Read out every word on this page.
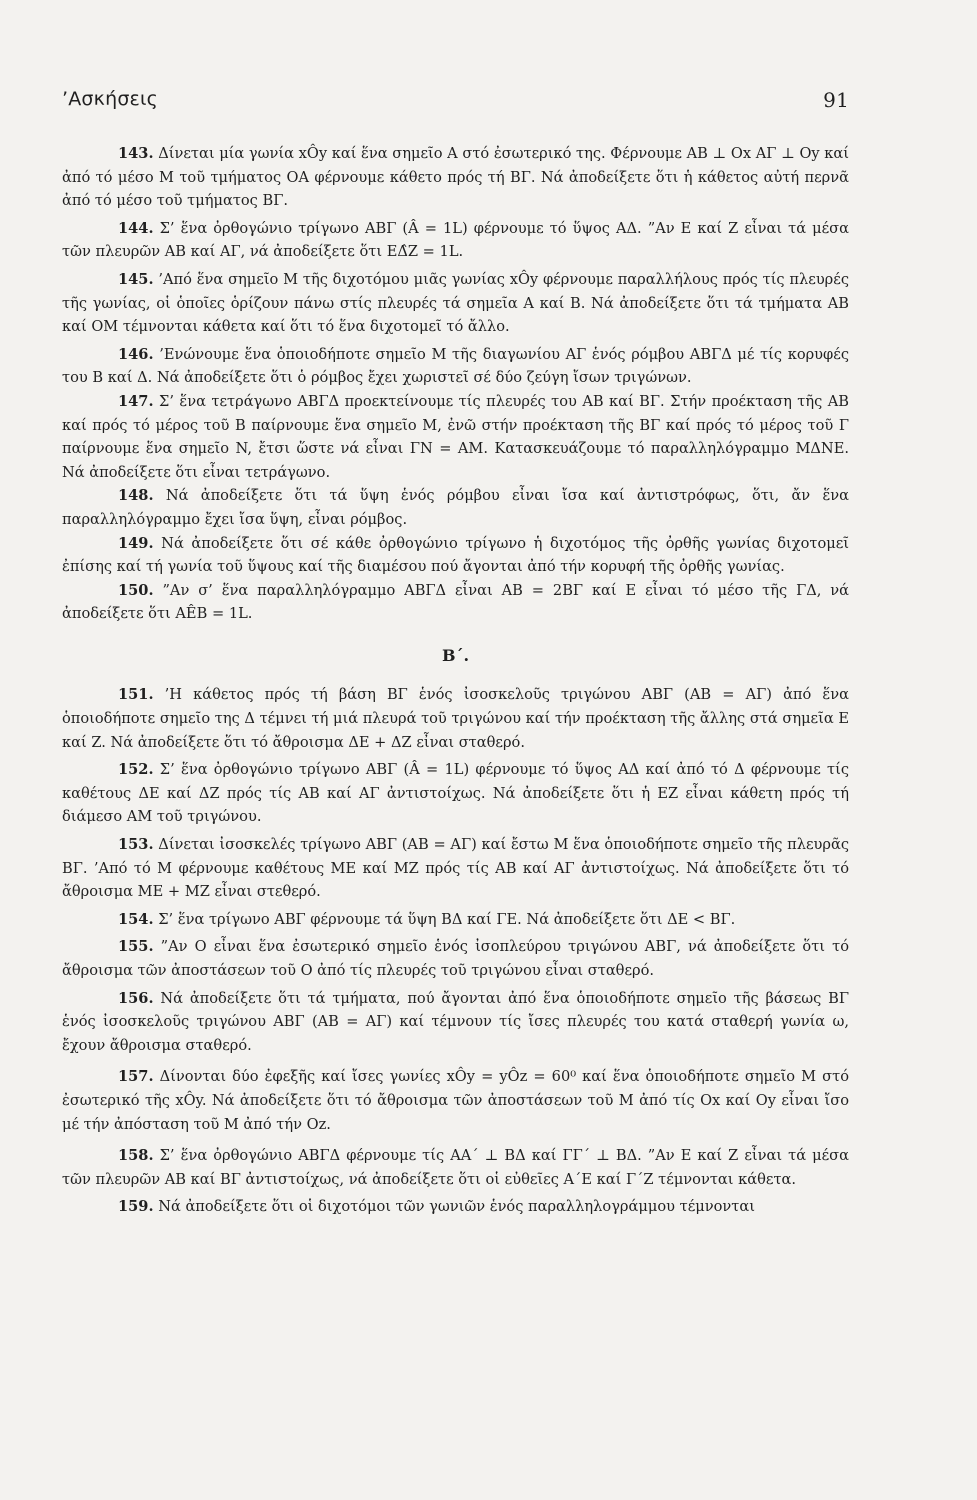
’Ασκήσεις	91

143. Δίνεται μία γωνία xÔy καί ἕνα σημεῖο A στό ἐσωτερικό της. Φέρνουμε AB ⊥ Ox AΓ ⊥ Oy καί ἀπό τό μέσο M τοῦ τμήματος OA φέρνουμε κάθετο πρός τή BΓ. Νά ἀποδείξετε ὅτι ἡ κάθετος αὐτή περνᾶ ἀπό τό μέσο τοῦ τμήματος BΓ.

144. Σ’ ἕνα ὀρθογώνιο τρίγωνο ABΓ (Â = 1L) φέρνουμε τό ὕψος AΔ. ”Aν E καί Z εἶναι τά μέσα τῶν πλευρῶν AB καί AΓ, νά ἀποδείξετε ὅτι EΔ̂Z = 1L.

145. ’Από ἕνα σημεῖο M τῆς διχοτόμου μιᾶς γωνίας xÔy φέρνουμε παραλλήλους πρός τίς πλευρές τῆς γωνίας, οἱ ὁποῖες ὁρίζουν πάνω στίς πλευρές τά σημεῖα A καί B. Νά ἀποδείξετε ὅτι τά τμήματα AB καί OM τέμνονται κάθετα καί ὅτι τό ἕνα διχοτομεῖ τό ἄλλο.

146. ’Ενώνουμε ἕνα ὁποιοδήποτε σημεῖο M τῆς διαγωνίου AΓ ἑνός ρόμβου ABΓΔ μέ τίς κορυφές του B καί Δ. Νά ἀποδείξετε ὅτι ὁ ρόμβος ἔχει χωριστεῖ σέ δύο ζεύγη ἴσων τριγώνων.

147. Σ’ ἕνα τετράγωνο ABΓΔ προεκτείνουμε τίς πλευρές του AB καί BΓ. Στήν προέκταση τῆς AB καί πρός τό μέρος τοῦ B παίρνουμε ἕνα σημεῖο M, ἐνῶ στήν προέκταση τῆς BΓ καί πρός τό μέρος τοῦ Γ παίρνουμε ἕνα σημεῖο N, ἔτσι ὥστε νά εἶναι ΓN = AM. Κατασκευάζουμε τό παραλληλόγραμμο MΔNE. Νά ἀποδείξετε ὅτι εἶναι τετράγωνο.

148. Νά ἀποδείξετε ὅτι τά ὕψη ἑνός ρόμβου εἶναι ἴσα καί ἀντιστρόφως, ὅτι, ἄν ἕνα παραλληλόγραμμο ἔχει ἴσα ὕψη, εἶναι ρόμβος.

149. Νά ἀποδείξετε ὅτι σέ κάθε ὀρθογώνιο τρίγωνο ἡ διχοτόμος τῆς ὀρθῆς γωνίας διχοτομεῖ ἐπίσης καί τή γωνία τοῦ ὕψους καί τῆς διαμέσου πού ἄγονται ἀπό τήν κορυφή τῆς ὀρθῆς γωνίας.

150. ”Aν σ’ ἕνα παραλληλόγραμμο ABΓΔ εἶναι AB = 2BΓ καί E εἶναι τό μέσο τῆς ΓΔ, νά ἀποδείξετε ὅτι AÊB = 1L.

B΄.

151. ’H κάθετος πρός τή βάση BΓ ἑνός ἰσοσκελοῦς τριγώνου ABΓ (AB = AΓ) ἀπό ἕνα ὁποιοδήποτε σημεῖο της Δ τέμνει τή μιά πλευρά τοῦ τριγώνου καί τήν προέκταση τῆς ἄλλης στά σημεῖα E καί Z. Νά ἀποδείξετε ὅτι τό ἄθροισμα ΔE + ΔZ εἶναι σταθερό.

152. Σ’ ἕνα ὀρθογώνιο τρίγωνο ABΓ (Â = 1L) φέρνουμε τό ὕψος AΔ καί ἀπό τό Δ φέρνουμε τίς καθέτους ΔE καί ΔZ πρός τίς AB καί AΓ ἀντιστοίχως. Νά ἀποδείξετε ὅτι ἡ EZ εἶναι κάθετη πρός τή διάμεσο AM τοῦ τριγώνου.

153. Δίνεται ἰσοσκελές τρίγωνο ABΓ (AB = AΓ) καί ἔστω M ἕνα ὁποιοδήποτε σημεῖο τῆς πλευρᾶς BΓ. ’Από τό M φέρνουμε καθέτους ME καί MZ πρός τίς AB καί AΓ ἀντιστοίχως. Νά ἀποδείξετε ὅτι τό ἄθροισμα ME + MZ εἶναι στεθερό.

154. Σ’ ἕνα τρίγωνο ABΓ φέρνουμε τά ὕψη BΔ καί ΓE. Νά ἀποδείξετε ὅτι ΔE < BΓ.

155. ”Aν O εἶναι ἕνα ἐσωτερικό σημεῖο ἑνός ἰσοπλεύρου τριγώνου ABΓ, νά ἀποδείξετε ὅτι τό ἄθροισμα τῶν ἀποστάσεων τοῦ O ἀπό τίς πλευρές τοῦ τριγώνου εἶναι σταθερό.

156. Νά ἀποδείξετε ὅτι τά τμήματα, πού ἄγονται ἀπό ἕνα ὁποιοδήποτε σημεῖο τῆς βάσεως BΓ ἑνός ἰσοσκελοῦς τριγώνου ABΓ (AB = AΓ) καί τέμνουν τίς ἴσες πλευρές του κατά σταθερή γωνία ω, ἔχουν ἄθροισμα σταθερό.

157. Δίνονται δύο ἐφεξῆς καί ἴσες γωνίες xÔy = yÔz = 60⁰ καί ἕνα ὁποιοδήποτε σημεῖο M στό ἐσωτερικό τῆς xÔy. Νά ἀποδείξετε ὅτι τό ἄθροισμα τῶν ἀποστάσεων τοῦ M ἀπό τίς Ox καί Oy εἶναι ἴσο μέ τήν ἀπόσταση τοῦ M ἀπό τήν Oz.

158. Σ’ ἕνα ὀρθογώνιο ABΓΔ φέρνουμε τίς AA΄ ⊥ BΔ καί ΓΓ΄ ⊥ BΔ. ”Aν E καί Z εἶναι τά μέσα τῶν πλευρῶν AB καί BΓ ἀντιστοίχως, νά ἀποδείξετε ὅτι οἱ εὐθεῖες A΄E καί Γ΄Z τέμνονται κάθετα.

159. Νά ἀποδείξετε ὅτι οἱ διχοτόμοι τῶν γωνιῶν ἑνός παραλληλογράμμου τέμνονται
